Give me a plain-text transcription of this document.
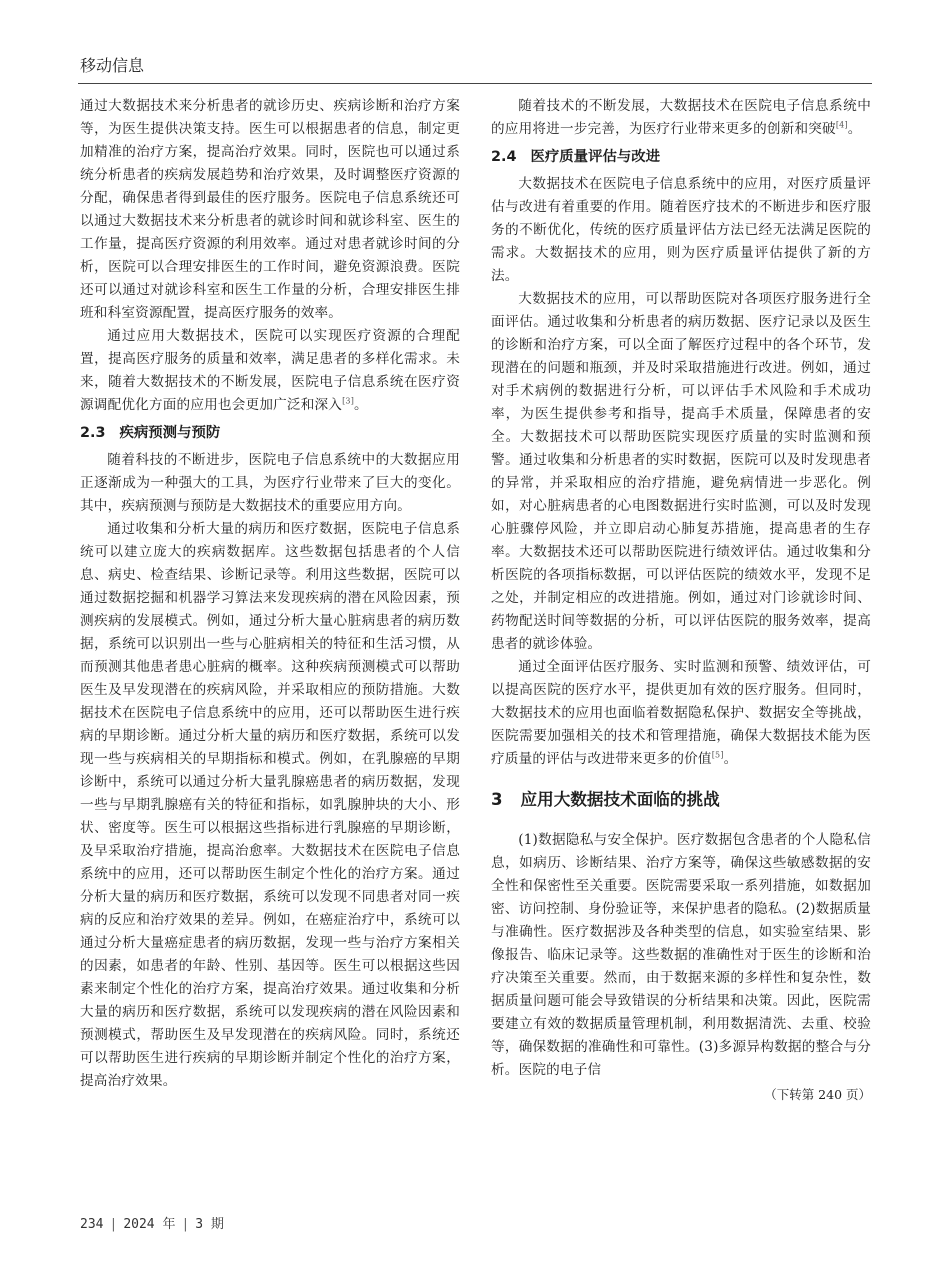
移动信息

通过大数据技术来分析患者的就诊历史、疾病诊断和治疗方案等，为医生提供决策支持。医生可以根据患者的信息，制定更加精准的治疗方案，提高治疗效果。同时，医院也可以通过系统分析患者的疾病发展趋势和治疗效果，及时调整医疗资源的分配，确保患者得到最佳的医疗服务。医院电子信息系统还可以通过大数据技术来分析患者的就诊时间和就诊科室、医生的工作量，提高医疗资源的利用效率。通过对患者就诊时间的分析，医院可以合理安排医生的工作时间，避免资源浪费。医院还可以通过对就诊科室和医生工作量的分析，合理安排医生排班和科室资源配置，提高医疗服务的效率。

通过应用大数据技术，医院可以实现医疗资源的合理配置，提高医疗服务的质量和效率，满足患者的多样化需求。未来，随着大数据技术的不断发展，医院电子信息系统在医疗资源调配优化方面的应用也会更加广泛和深入[3]。

2.3 疾病预测与预防

随着科技的不断进步，医院电子信息系统中的大数据应用正逐渐成为一种强大的工具，为医疗行业带来了巨大的变化。其中，疾病预测与预防是大数据技术的重要应用方向。

通过收集和分析大量的病历和医疗数据，医院电子信息系统可以建立庞大的疾病数据库。这些数据包括患者的个人信息、病史、检查结果、诊断记录等。利用这些数据，医院可以通过数据挖掘和机器学习算法来发现疾病的潜在风险因素，预测疾病的发展模式。例如，通过分析大量心脏病患者的病历数据，系统可以识别出一些与心脏病相关的特征和生活习惯，从而预测其他患者患心脏病的概率。这种疾病预测模式可以帮助医生及早发现潜在的疾病风险，并采取相应的预防措施。大数据技术在医院电子信息系统中的应用，还可以帮助医生进行疾病的早期诊断。通过分析大量的病历和医疗数据，系统可以发现一些与疾病相关的早期指标和模式。例如，在乳腺癌的早期诊断中，系统可以通过分析大量乳腺癌患者的病历数据，发现一些与早期乳腺癌有关的特征和指标，如乳腺肿块的大小、形状、密度等。医生可以根据这些指标进行乳腺癌的早期诊断，及早采取治疗措施，提高治愈率。大数据技术在医院电子信息系统中的应用，还可以帮助医生制定个性化的治疗方案。通过分析大量的病历和医疗数据，系统可以发现不同患者对同一疾病的反应和治疗效果的差异。例如，在癌症治疗中，系统可以通过分析大量癌症患者的病历数据，发现一些与治疗方案相关的因素，如患者的年龄、性别、基因等。医生可以根据这些因素来制定个性化的治疗方案，提高治疗效果。通过收集和分析大量的病历和医疗数据，系统可以发现疾病的潜在风险因素和预测模式，帮助医生及早发现潜在的疾病风险。同时，系统还可以帮助医生进行疾病的早期诊断并制定个性化的治疗方案，提高治疗效果。

随着技术的不断发展，大数据技术在医院电子信息系统中的应用将进一步完善，为医疗行业带来更多的创新和突破[4]。

2.4 医疗质量评估与改进

大数据技术在医院电子信息系统中的应用，对医疗质量评估与改进有着重要的作用。随着医疗技术的不断进步和医疗服务的不断优化，传统的医疗质量评估方法已经无法满足医院的需求。大数据技术的应用，则为医疗质量评估提供了新的方法。

大数据技术的应用，可以帮助医院对各项医疗服务进行全面评估。通过收集和分析患者的病历数据、医疗记录以及医生的诊断和治疗方案，可以全面了解医疗过程中的各个环节，发现潜在的问题和瓶颈，并及时采取措施进行改进。例如，通过对手术病例的数据进行分析，可以评估手术风险和手术成功率，为医生提供参考和指导，提高手术质量，保障患者的安全。大数据技术可以帮助医院实现医疗质量的实时监测和预警。通过收集和分析患者的实时数据，医院可以及时发现患者的异常，并采取相应的治疗措施，避免病情进一步恶化。例如，对心脏病患者的心电图数据进行实时监测，可以及时发现心脏骤停风险，并立即启动心肺复苏措施，提高患者的生存率。大数据技术还可以帮助医院进行绩效评估。通过收集和分析医院的各项指标数据，可以评估医院的绩效水平，发现不足之处，并制定相应的改进措施。例如，通过对门诊就诊时间、药物配送时间等数据的分析，可以评估医院的服务效率，提高患者的就诊体验。

通过全面评估医疗服务、实时监测和预警、绩效评估，可以提高医院的医疗水平，提供更加有效的医疗服务。但同时，大数据技术的应用也面临着数据隐私保护、数据安全等挑战，医院需要加强相关的技术和管理措施，确保大数据技术能为医疗质量的评估与改进带来更多的价值[5]。

3 应用大数据技术面临的挑战

(1)数据隐私与安全保护。医疗数据包含患者的个人隐私信息，如病历、诊断结果、治疗方案等，确保这些敏感数据的安全性和保密性至关重要。医院需要采取一系列措施，如数据加密、访问控制、身份验证等，来保护患者的隐私。(2)数据质量与准确性。医疗数据涉及各种类型的信息，如实验室结果、影像报告、临床记录等。这些数据的准确性对于医生的诊断和治疗决策至关重要。然而，由于数据来源的多样性和复杂性，数据质量问题可能会导致错误的分析结果和决策。因此，医院需要建立有效的数据质量管理机制，利用数据清洗、去重、校验等，确保数据的准确性和可靠性。(3)多源异构数据的整合与分析。医院的电子信

（下转第 240 页）
234 | 2024 年 | 3 期
